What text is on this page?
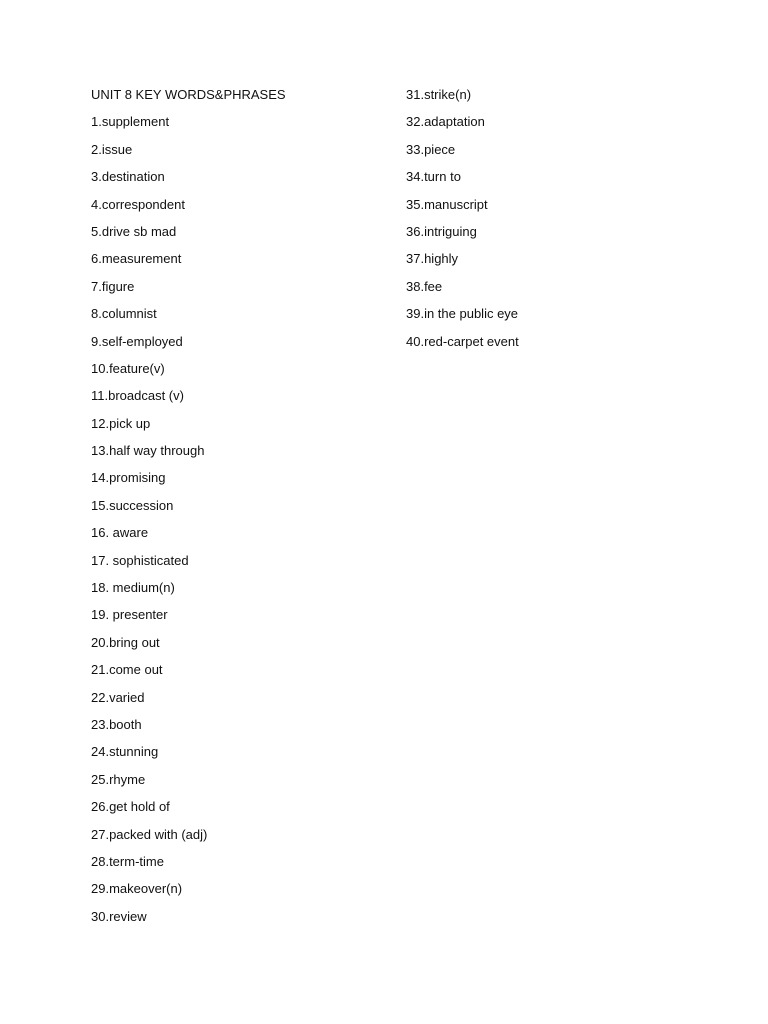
UNIT 8 KEY WORDS&PHRASES
1.supplement
2.issue
3.destination
4.correspondent
5.drive sb mad
6.measurement
7.figure
8.columnist
9.self-employed
10.feature(v)
11.broadcast (v)
12.pick up
13.half way through
14.promising
15.succession
16. aware
17. sophisticated
18. medium(n)
19. presenter
20.bring out
21.come out
22.varied
23.booth
24.stunning
25.rhyme
26.get hold of
27.packed with (adj)
28.term-time
29.makeover(n)
30.review
31.strike(n)
32.adaptation
33.piece
34.turn to
35.manuscript
36.intriguing
37.highly
38.fee
39.in the public eye
40.red-carpet event
